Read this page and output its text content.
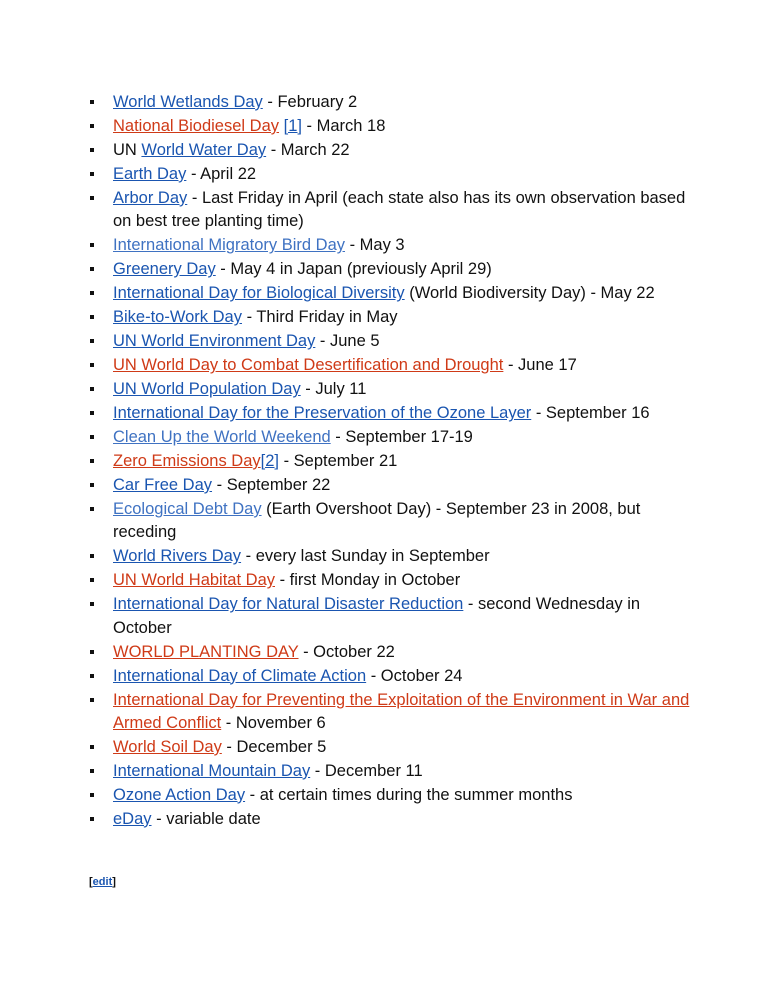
World Wetlands Day - February 2
National Biodiesel Day [1] - March 18
UN World Water Day - March 22
Earth Day - April 22
Arbor Day - Last Friday in April (each state also has its own observation based on best tree planting time)
International Migratory Bird Day - May 3
Greenery Day - May 4 in Japan (previously April 29)
International Day for Biological Diversity (World Biodiversity Day) - May 22
Bike-to-Work Day - Third Friday in May
UN World Environment Day - June 5
UN World Day to Combat Desertification and Drought - June 17
UN World Population Day - July 11
International Day for the Preservation of the Ozone Layer - September 16
Clean Up the World Weekend - September 17-19
Zero Emissions Day[2] - September 21
Car Free Day - September 22
Ecological Debt Day (Earth Overshoot Day) - September 23 in 2008, but receding
World Rivers Day - every last Sunday in September
UN World Habitat Day - first Monday in October
International Day for Natural Disaster Reduction - second Wednesday in October
WORLD PLANTING DAY - October 22
International Day of Climate Action - October 24
International Day for Preventing the Exploitation of the Environment in War and Armed Conflict - November 6
World Soil Day - December 5
International Mountain Day - December 11
Ozone Action Day - at certain times during the summer months
eDay - variable date
[edit]
